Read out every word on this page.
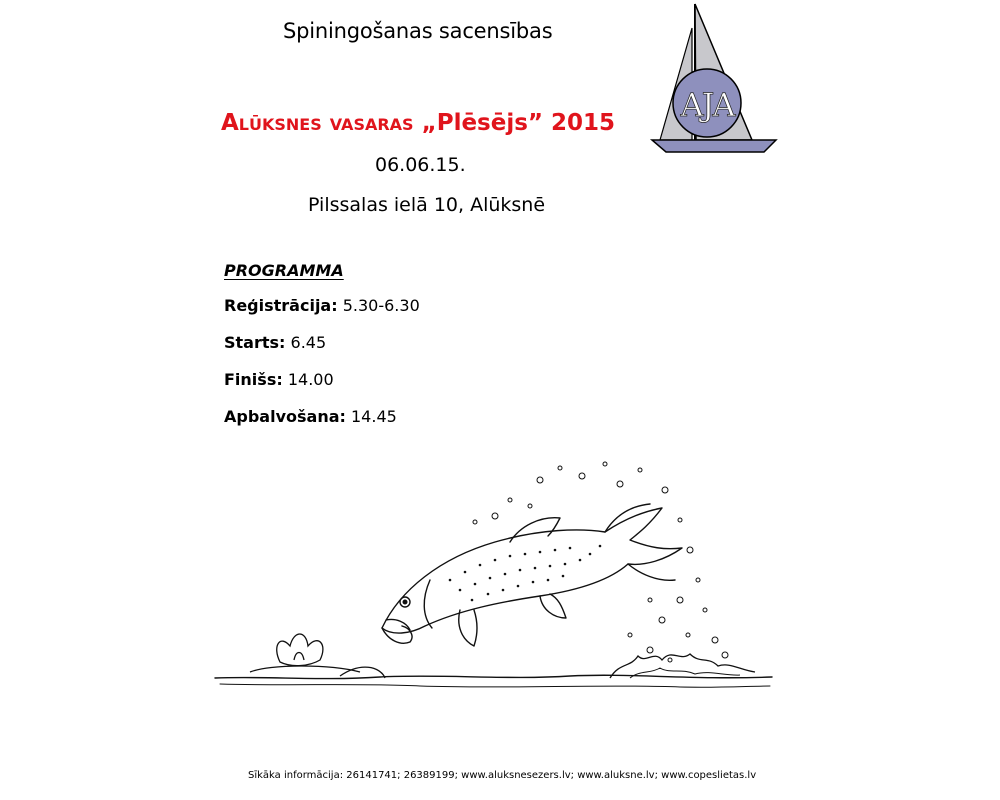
Spiningošanas sacensības
AJA
Alūksnes vasaras „Plēsējs” 2015
06.06.15.
Pilssalas ielā 10, Alūksnē
PROGRAMMA
Reģistrācija: 5.30-6.30
Starts: 6.45
Finišs: 14.00
Apbalvošana: 14.45
Sīkāka informācija: 26141741; 26389199; www.aluksnesezers.lv; www.aluksne.lv; www.copeslietas.lv
